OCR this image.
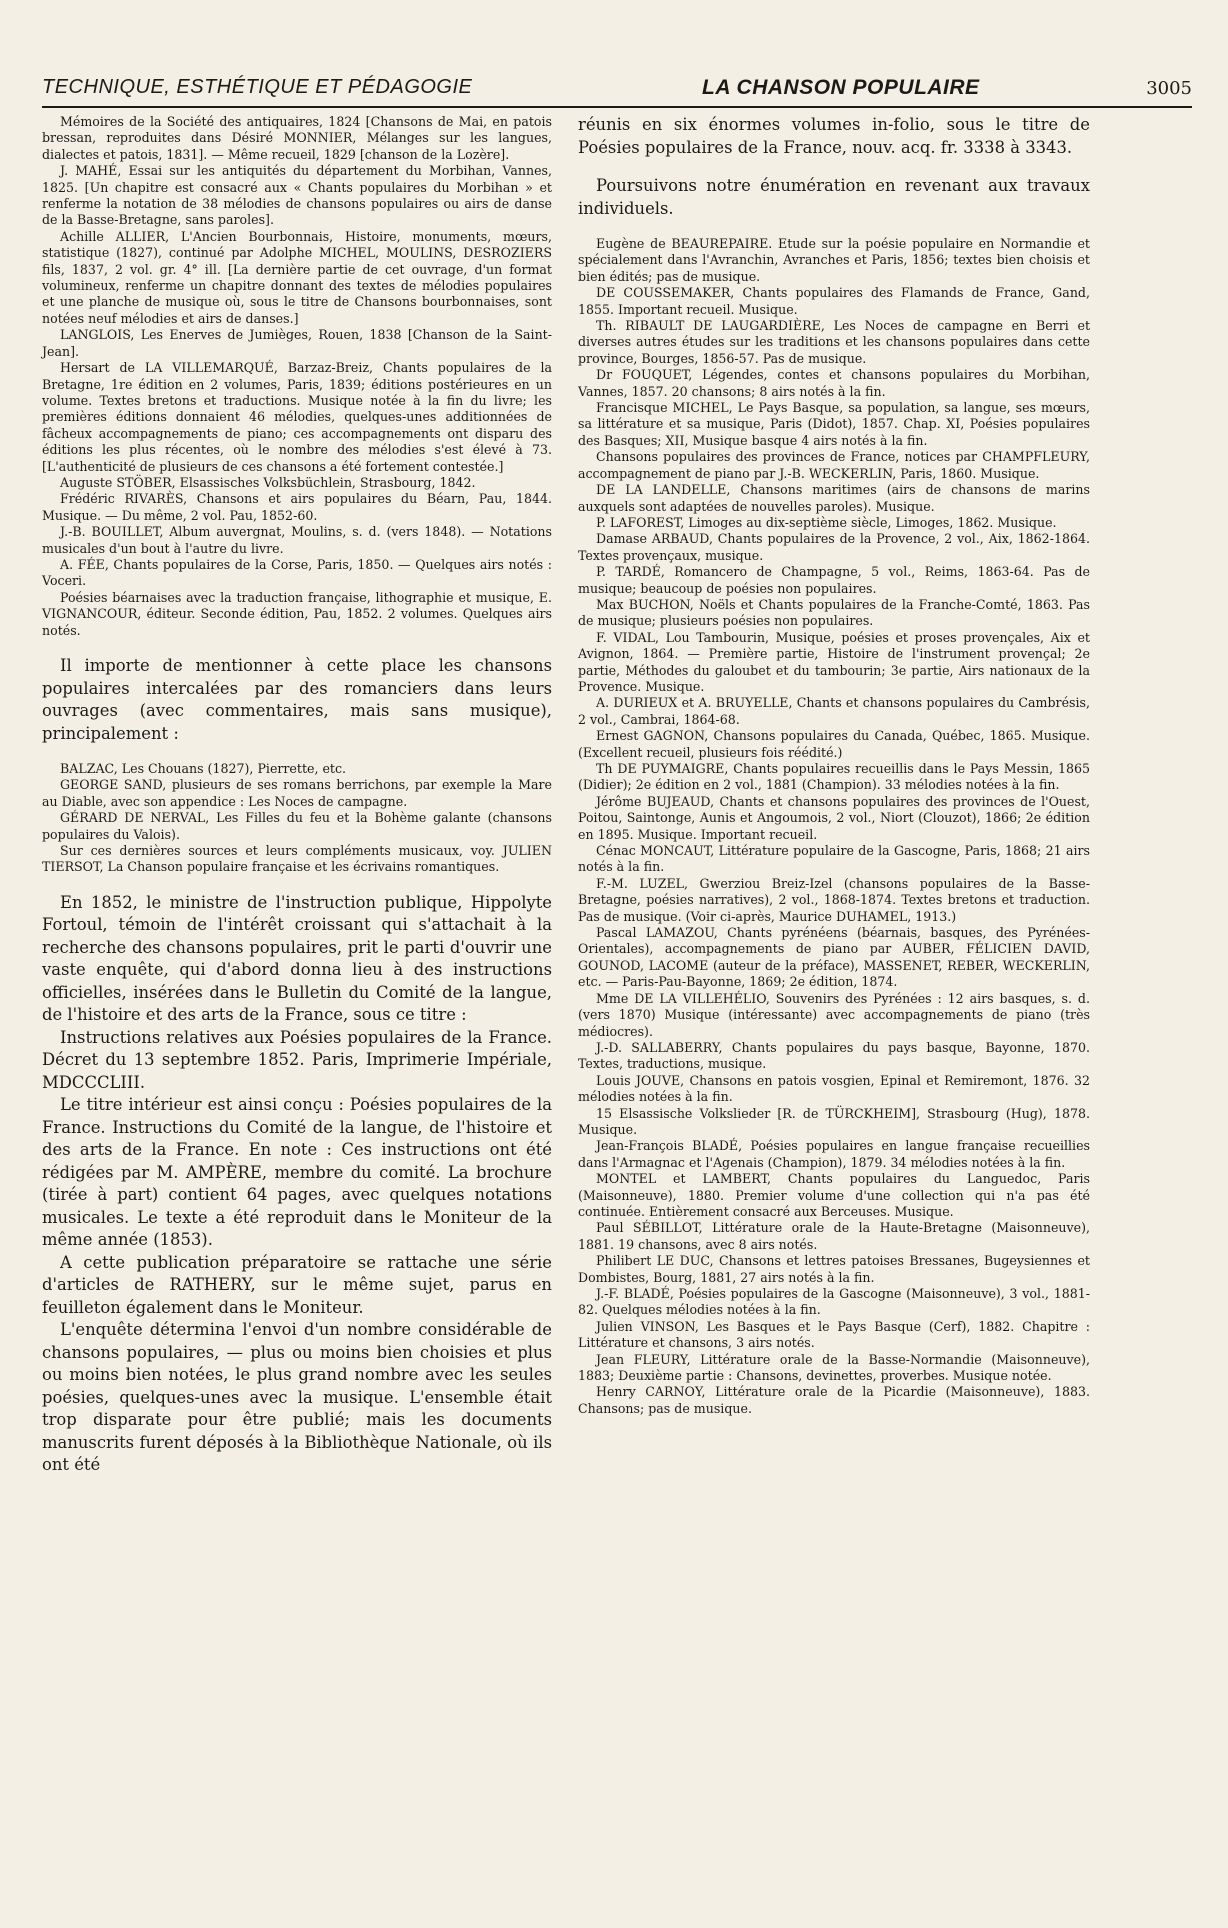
TECHNIQUE, ESTHÉTIQUE ET PÉDAGOGIE	LA CHANSON POPULAIRE	3005

Mémoires de la Société des antiquaires, 1824 [Chansons de Mai, en patois bressan, reproduites dans Désiré MONNIER, Mélanges sur les langues, dialectes et patois, 1831]. — Même recueil, 1829 [chanson de la Lozère].

J. MAHÉ, Essai sur les antiquités du département du Morbihan, Vannes, 1825. [Un chapitre est consacré aux « Chants populaires du Morbihan » et renferme la notation de 38 mélodies de chansons populaires ou airs de danse de la Basse-Bretagne, sans paroles].

Achille ALLIER, L'Ancien Bourbonnais, Histoire, monuments, mœurs, statistique (1827), continué par Adolphe MICHEL, MOULINS, DESROZIERS fils, 1837, 2 vol. gr. 4° ill. [La dernière partie de cet ouvrage, d'un format volumineux, renferme un chapitre donnant des textes de mélodies populaires et une planche de musique où, sous le titre de Chansons bourbonnaises, sont notées neuf mélodies et airs de danses.]

LANGLOIS, Les Enerves de Jumièges, Rouen, 1838 [Chanson de la Saint-Jean].

Hersart de LA VILLEMARQUÉ, Barzaz-Breiz, Chants populaires de la Bretagne, 1re édition en 2 volumes, Paris, 1839; éditions postérieures en un volume. Textes bretons et traductions. Musique notée à la fin du livre; les premières éditions donnaient 46 mélodies, quelques-unes additionnées de fâcheux accompagnements de piano; ces accompagnements ont disparu des éditions les plus récentes, où le nombre des mélodies s'est élevé à 73. [L'authenticité de plusieurs de ces chansons a été fortement contestée.]

Auguste STÖBER, Elsassisches Volksbüchlein, Strasbourg, 1842.

Frédéric RIVARÈS, Chansons et airs populaires du Béarn, Pau, 1844. Musique. — Du même, 2 vol. Pau, 1852-60.

J.-B. BOUILLET, Album auvergnat, Moulins, s. d. (vers 1848). — Notations musicales d'un bout à l'autre du livre.

A. FÉE, Chants populaires de la Corse, Paris, 1850. — Quelques airs notés : Voceri.

Poésies béarnaises avec la traduction française, lithographie et musique, E. VIGNANCOUR, éditeur. Seconde édition, Pau, 1852. 2 volumes. Quelques airs notés.

Il importe de mentionner à cette place les chansons populaires intercalées par des romanciers dans leurs ouvrages (avec commentaires, mais sans musique), principalement :

BALZAC, Les Chouans (1827), Pierrette, etc.

GEORGE SAND, plusieurs de ses romans berrichons, par exemple la Mare au Diable, avec son appendice : Les Noces de campagne.

GÉRARD DE NERVAL, Les Filles du feu et la Bohème galante (chansons populaires du Valois).

Sur ces dernières sources et leurs compléments musicaux, voy. JULIEN TIERSOT, La Chanson populaire française et les écrivains romantiques.

En 1852, le ministre de l'instruction publique, Hippolyte Fortoul, témoin de l'intérêt croissant qui s'attachait à la recherche des chansons populaires, prit le parti d'ouvrir une vaste enquête, qui d'abord donna lieu à des instructions officielles, insérées dans le Bulletin du Comité de la langue, de l'histoire et des arts de la France, sous ce titre :

Instructions relatives aux Poésies populaires de la France. Décret du 13 septembre 1852. Paris, Imprimerie Impériale, MDCCCLIII.

Le titre intérieur est ainsi conçu : Poésies populaires de la France. Instructions du Comité de la langue, de l'histoire et des arts de la France. En note : Ces instructions ont été rédigées par M. AMPÈRE, membre du comité. La brochure (tirée à part) contient 64 pages, avec quelques notations musicales. Le texte a été reproduit dans le Moniteur de la même année (1853).

A cette publication préparatoire se rattache une série d'articles de RATHERY, sur le même sujet, parus en feuilleton également dans le Moniteur.

L'enquête détermina l'envoi d'un nombre considérable de chansons populaires, — plus ou moins bien choisies et plus ou moins bien notées, le plus grand nombre avec les seules poésies, quelques-unes avec la musique. L'ensemble était trop disparate pour être publié; mais les documents manuscrits furent déposés à la Bibliothèque Nationale, où ils ont été

réunis en six énormes volumes in-folio, sous le titre de Poésies populaires de la France, nouv. acq. fr. 3338 à 3343.

Poursuivons notre énumération en revenant aux travaux individuels.

Eugène de BEAUREPAIRE. Etude sur la poésie populaire en Normandie et spécialement dans l'Avranchin, Avranches et Paris, 1856; textes bien choisis et bien édités; pas de musique.

DE COUSSEMAKER, Chants populaires des Flamands de France, Gand, 1855. Important recueil. Musique.

Th. RIBAULT DE LAUGARDIÈRE, Les Noces de campagne en Berri et diverses autres études sur les traditions et les chansons populaires dans cette province, Bourges, 1856-57. Pas de musique.

Dr FOUQUET, Légendes, contes et chansons populaires du Morbihan, Vannes, 1857. 20 chansons; 8 airs notés à la fin.

Francisque MICHEL, Le Pays Basque, sa population, sa langue, ses mœurs, sa littérature et sa musique, Paris (Didot), 1857. Chap. XI, Poésies populaires des Basques; XII, Musique basque 4 airs notés à la fin.

Chansons populaires des provinces de France, notices par CHAMPFLEURY, accompagnement de piano par J.-B. WECKERLIN, Paris, 1860. Musique.

DE LA LANDELLE, Chansons maritimes (airs de chansons de marins auxquels sont adaptées de nouvelles paroles). Musique.

P. LAFOREST, Limoges au dix-septième siècle, Limoges, 1862. Musique.

Damase ARBAUD, Chants populaires de la Provence, 2 vol., Aix, 1862-1864. Textes provençaux, musique.

P. TARDÉ, Romancero de Champagne, 5 vol., Reims, 1863-64. Pas de musique; beaucoup de poésies non populaires.

Max BUCHON, Noëls et Chants populaires de la Franche-Comté, 1863. Pas de musique; plusieurs poésies non populaires.

F. VIDAL, Lou Tambourin, Musique, poésies et proses provençales, Aix et Avignon, 1864. — Première partie, Histoire de l'instrument provençal; 2e partie, Méthodes du galoubet et du tambourin; 3e partie, Airs nationaux de la Provence. Musique.

A. DURIEUX et A. BRUYELLE, Chants et chansons populaires du Cambrésis, 2 vol., Cambrai, 1864-68.

Ernest GAGNON, Chansons populaires du Canada, Québec, 1865. Musique. (Excellent recueil, plusieurs fois réédité.)

Th DE PUYMAIGRE, Chants populaires recueillis dans le Pays Messin, 1865 (Didier); 2e édition en 2 vol., 1881 (Champion). 33 mélodies notées à la fin.

Jérôme BUJEAUD, Chants et chansons populaires des provinces de l'Ouest, Poitou, Saintonge, Aunis et Angoumois, 2 vol., Niort (Clouzot), 1866; 2e édition en 1895. Musique. Important recueil.

Cénac MONCAUT, Littérature populaire de la Gascogne, Paris, 1868; 21 airs notés à la fin.

F.-M. LUZEL, Gwerziou Breiz-Izel (chansons populaires de la Basse-Bretagne, poésies narratives), 2 vol., 1868-1874. Textes bretons et traduction. Pas de musique. (Voir ci-après, Maurice DUHAMEL, 1913.)

Pascal LAMAZOU, Chants pyrénéens (béarnais, basques, des Pyrénées-Orientales), accompagnements de piano par AUBER, FÉLICIEN DAVID, GOUNOD, LACOME (auteur de la préface), MASSENET, REBER, WECKERLIN, etc. — Paris-Pau-Bayonne, 1869; 2e édition, 1874.

Mme DE LA VILLEHÉLIO, Souvenirs des Pyrénées : 12 airs basques, s. d. (vers 1870) Musique (intéressante) avec accompagnements de piano (très médiocres).

J.-D. SALLABERRY, Chants populaires du pays basque, Bayonne, 1870. Textes, traductions, musique.

Louis JOUVE, Chansons en patois vosgien, Epinal et Remiremont, 1876. 32 mélodies notées à la fin.

15 Elsassische Volkslieder [R. de TÜRCKHEIM], Strasbourg (Hug), 1878. Musique.

Jean-François BLADÉ, Poésies populaires en langue française recueillies dans l'Armagnac et l'Agenais (Champion), 1879. 34 mélodies notées à la fin.

MONTEL et LAMBERT, Chants populaires du Languedoc, Paris (Maisonneuve), 1880. Premier volume d'une collection qui n'a pas été continuée. Entièrement consacré aux Berceuses. Musique.

Paul SÉBILLOT, Littérature orale de la Haute-Bretagne (Maisonneuve), 1881. 19 chansons, avec 8 airs notés.

Philibert LE DUC, Chansons et lettres patoises Bressanes, Bugeysiennes et Dombistes, Bourg, 1881, 27 airs notés à la fin.

J.-F. BLADÉ, Poésies populaires de la Gascogne (Maisonneuve), 3 vol., 1881-82. Quelques mélodies notées à la fin.

Julien VINSON, Les Basques et le Pays Basque (Cerf), 1882. Chapitre : Littérature et chansons, 3 airs notés.

Jean FLEURY, Littérature orale de la Basse-Normandie (Maisonneuve), 1883; Deuxième partie : Chansons, devinettes, proverbes. Musique notée.

Henry CARNOY, Littérature orale de la Picardie (Maisonneuve), 1883. Chansons; pas de musique.
